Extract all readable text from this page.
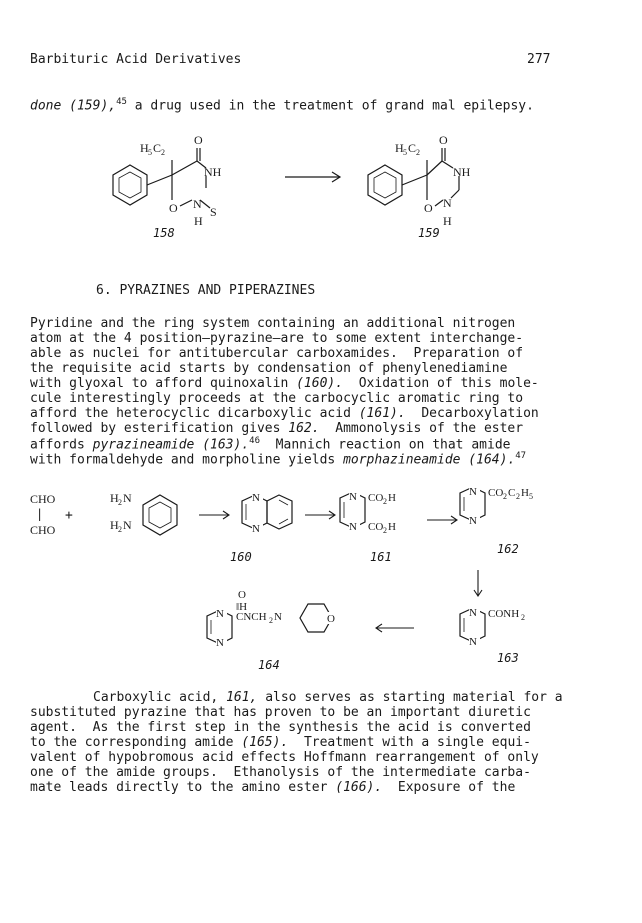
Barbituric Acid Derivatives	277
done (159),$^{45}$ a drug used in the treatment of grand mal epilepsy.
H 5 C 2
O
NH
O N
S
H
H 5 C 2
O
NH
O N
H
158	159
6. PYRAZINES AND PIPERAZINES
Pyridine and the ring system containing an additional nitrogen
atom at the 4 position—pyrazine—are to some extent interchange-
able as nuclei for antitubercular carboxamides.  Preparation of
the requisite acid starts by condensation of phenylenediamine
with glyoxal to afford quinoxalin (160).  Oxidation of this mole-
cule interestingly proceeds at the carbocyclic aromatic ring to
afford the heterocyclic dicarboxylic acid (161).  Decarboxylation
followed by esterification gives 162.  Ammonolysis of the ester
affords pyrazineamide (163).$^{46}$  Mannich reaction on that amide
with formaldehyde and morpholine yields morphazineamide (164).$^{47}$
CHO
| +
CHO
H 2 N
H 2 N
N
N
N
N
CO 2 H
CO 2 H
N
N
CO 2 C 2 H 5
160	161
162
O
‖H
N
N
CNCH 2 N	O	N
N
CONH 2
164	163
Carboxylic acid, 161, also serves as starting material for a
substituted pyrazine that has proven to be an important diuretic
agent.  As the first step in the synthesis the acid is converted
to the corresponding amide (165).  Treatment with a single equi-
valent of hypobromous acid effects Hoffmann rearrangement of only
one of the amide groups.  Ethanolysis of the intermediate carba-
mate leads directly to the amino ester (166).  Exposure of the
